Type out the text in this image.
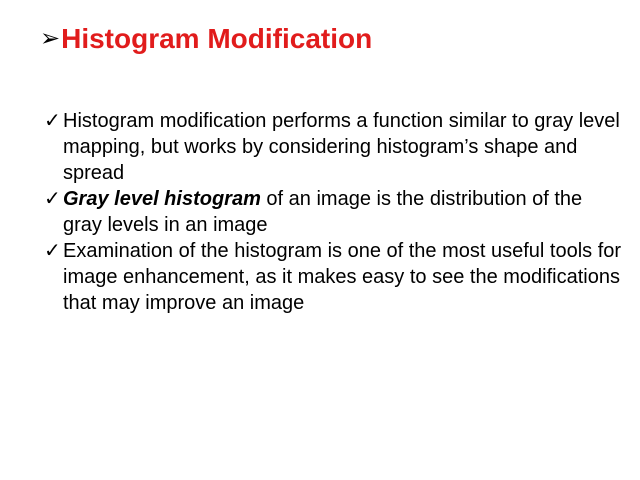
➢ Histogram Modification
✓ Histogram modification performs a function similar to gray level mapping, but works by considering histogram’s shape and spread
✓ Gray level histogram of an image is the distribution of the gray levels in an image
✓ Examination of the histogram is one of the most useful tools for image enhancement, as it makes easy to see the modifications that may improve an image
